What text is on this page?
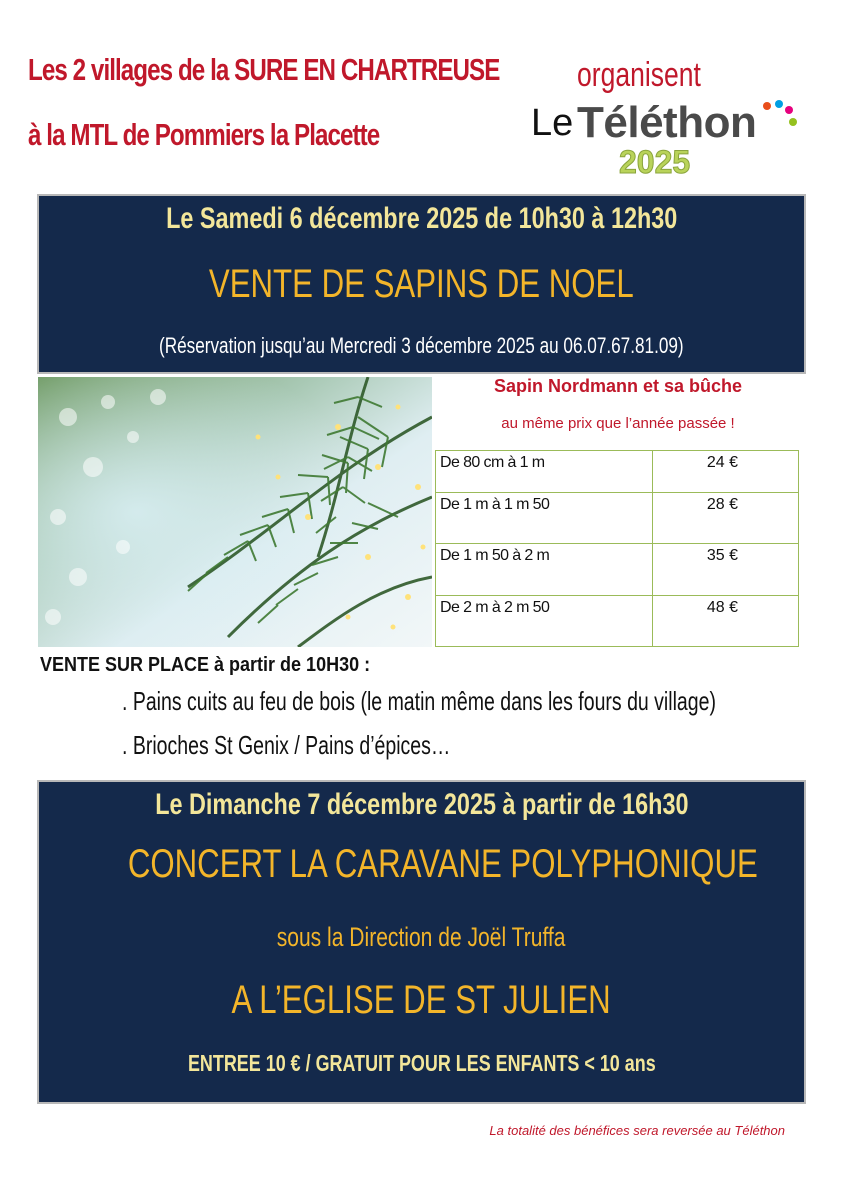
Les 2 villages de la SURE EN CHARTREUSE
à la MTL de Pommiers la Placette
organisent
Le Téléthon
2025
Le Samedi 6 décembre 2025 de 10h30 à 12h30
VENTE DE SAPINS DE NOEL
(Réservation jusqu’au Mercredi 3 décembre 2025 au 06.07.67.81.09)
Sapin Nordmann et sa bûche
au même prix que l’année passée !
De 80 cm à 1 m	24 €
De 1 m à 1 m 50	28 €
De 1 m 50 à 2 m	35 €
De 2 m à 2 m 50	48 €
VENTE SUR PLACE à partir de 10H30 :
. Pains cuits au feu de bois (le matin même dans les fours du village)
. Brioches St Genix / Pains d’épices…
Le Dimanche 7 décembre 2025 à partir de 16h30
CONCERT LA CARAVANE POLYPHONIQUE
sous la Direction de Joël Truffa
A L’EGLISE DE ST JULIEN
ENTREE 10 € / GRATUIT POUR LES ENFANTS < 10 ans
La totalité des bénéfices sera reversée au Téléthon
